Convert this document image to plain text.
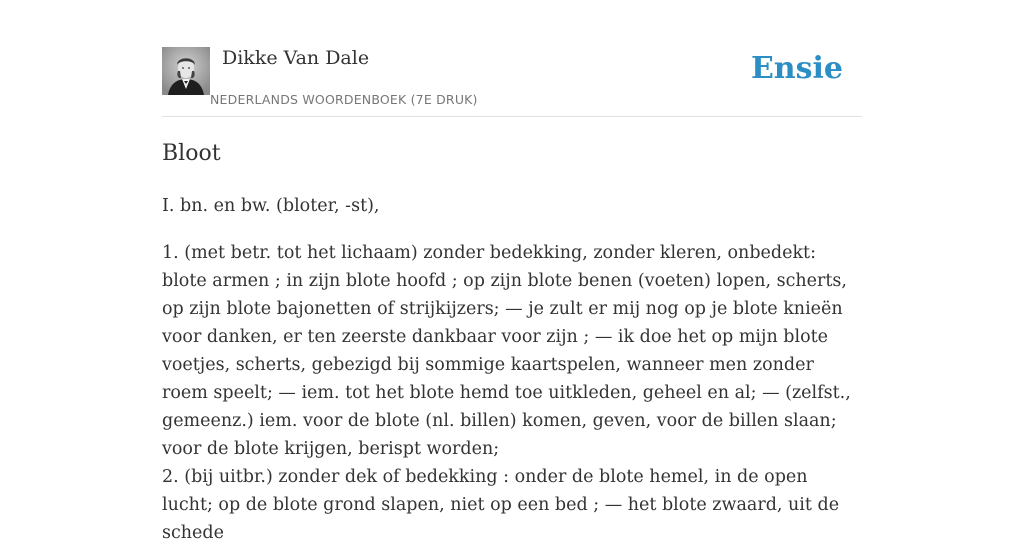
Dikke Van Dale
NEDERLANDS WOORDENBOEK (7E DRUK)
Ensie
Bloot

I. bn. en bw. (bloter, -st),

1. (met betr. tot het lichaam) zonder bedekking, zonder kleren, onbedekt: blote armen ; in zijn blote hoofd ; op zijn blote benen (voeten) lopen, scherts, op zijn blote bajonetten of strijkijzers; — je zult er mij nog op je blote knieën voor danken, er ten zeerste dankbaar voor zijn ; — ik doe het op mijn blote voetjes, scherts, gebezigd bij sommige kaartspelen, wanneer men zonder roem speelt; — iem. tot het blote hemd toe uitkleden, geheel en al; — (zelfst., gemeenz.) iem. voor de blote (nl. billen) komen, geven, voor de billen slaan; voor de blote krijgen, berispt worden;

2. (bij uitbr.) zonder dek of bedekking : onder de blote hemel, in de open lucht; op de blote grond slapen, niet op een bed ; — het blote zwaard, uit de schede
